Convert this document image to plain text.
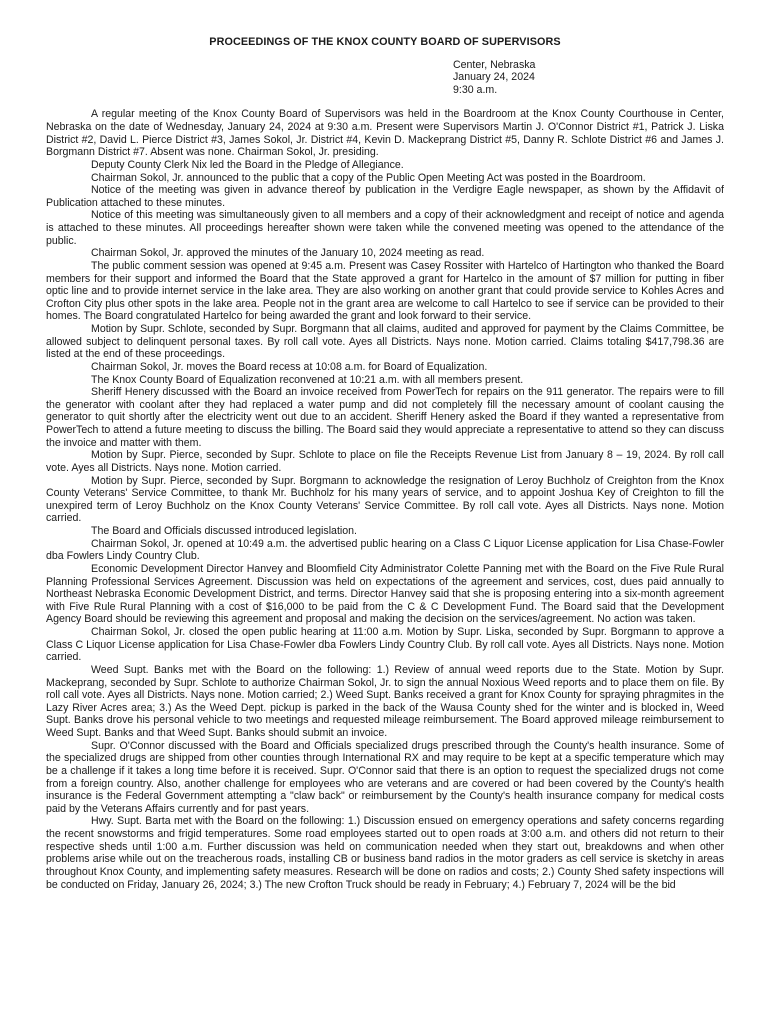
PROCEEDINGS OF THE KNOX COUNTY BOARD OF SUPERVISORS
Center, Nebraska
January 24, 2024
9:30 a.m.

A regular meeting of the Knox County Board of Supervisors was held in the Boardroom at the Knox County Courthouse in Center, Nebraska on the date of Wednesday, January 24, 2024 at 9:30 a.m. Present were Supervisors Martin J. O'Connor District #1, Patrick J. Liska District #2, David L. Pierce District #3, James Sokol, Jr. District #4, Kevin D. Mackeprang District #5, Danny R. Schlote District #6 and James J. Borgmann District #7. Absent was none. Chairman Sokol, Jr. presiding.

Deputy County Clerk Nix led the Board in the Pledge of Allegiance.

Chairman Sokol, Jr. announced to the public that a copy of the Public Open Meeting Act was posted in the Boardroom.

Notice of the meeting was given in advance thereof by publication in the Verdigre Eagle newspaper, as shown by the Affidavit of Publication attached to these minutes.

Notice of this meeting was simultaneously given to all members and a copy of their acknowledgment and receipt of notice and agenda is attached to these minutes. All proceedings hereafter shown were taken while the convened meeting was opened to the attendance of the public.

Chairman Sokol, Jr. approved the minutes of the January 10, 2024 meeting as read.

The public comment session was opened at 9:45 a.m. Present was Casey Rossiter with Hartelco of Hartington who thanked the Board members for their support and informed the Board that the State approved a grant for Hartelco in the amount of $7 million for putting in fiber optic line and to provide internet service in the lake area. They are also working on another grant that could provide service to Kohles Acres and Crofton City plus other spots in the lake area. People not in the grant area are welcome to call Hartelco to see if service can be provided to their homes. The Board congratulated Hartelco for being awarded the grant and look forward to their service.

Motion by Supr. Schlote, seconded by Supr. Borgmann that all claims, audited and approved for payment by the Claims Committee, be allowed subject to delinquent personal taxes. By roll call vote. Ayes all Districts. Nays none. Motion carried. Claims totaling $417,798.36 are listed at the end of these proceedings.

Chairman Sokol, Jr. moves the Board recess at 10:08 a.m. for Board of Equalization.

The Knox County Board of Equalization reconvened at 10:21 a.m. with all members present.

Sheriff Henery discussed with the Board an invoice received from PowerTech for repairs on the 911 generator. The repairs were to fill the generator with coolant after they had replaced a water pump and did not completely fill the necessary amount of coolant causing the generator to quit shortly after the electricity went out due to an accident. Sheriff Henery asked the Board if they wanted a representative from PowerTech to attend a future meeting to discuss the billing. The Board said they would appreciate a representative to attend so they can discuss the invoice and matter with them.

Motion by Supr. Pierce, seconded by Supr. Schlote to place on file the Receipts Revenue List from January 8 – 19, 2024. By roll call vote. Ayes all Districts. Nays none. Motion carried.

Motion by Supr. Pierce, seconded by Supr. Borgmann to acknowledge the resignation of Leroy Buchholz of Creighton from the Knox County Veterans' Service Committee, to thank Mr. Buchholz for his many years of service, and to appoint Joshua Key of Creighton to fill the unexpired term of Leroy Buchholz on the Knox County Veterans' Service Committee. By roll call vote. Ayes all Districts. Nays none. Motion carried.

The Board and Officials discussed introduced legislation.

Chairman Sokol, Jr. opened at 10:49 a.m. the advertised public hearing on a Class C Liquor License application for Lisa Chase-Fowler dba Fowlers Lindy Country Club.

Economic Development Director Hanvey and Bloomfield City Administrator Colette Panning met with the Board on the Five Rule Rural Planning Professional Services Agreement. Discussion was held on expectations of the agreement and services, cost, dues paid annually to Northeast Nebraska Economic Development District, and terms. Director Hanvey said that she is proposing entering into a six-month agreement with Five Rule Rural Planning with a cost of $16,000 to be paid from the C & C Development Fund. The Board said that the Development Agency Board should be reviewing this agreement and proposal and making the decision on the services/agreement. No action was taken.

Chairman Sokol, Jr. closed the open public hearing at 11:00 a.m. Motion by Supr. Liska, seconded by Supr. Borgmann to approve a Class C Liquor License application for Lisa Chase-Fowler dba Fowlers Lindy Country Club. By roll call vote. Ayes all Districts. Nays none. Motion carried.

Weed Supt. Banks met with the Board on the following: 1.) Review of annual weed reports due to the State. Motion by Supr. Mackeprang, seconded by Supr. Schlote to authorize Chairman Sokol, Jr. to sign the annual Noxious Weed reports and to place them on file. By roll call vote. Ayes all Districts. Nays none. Motion carried; 2.) Weed Supt. Banks received a grant for Knox County for spraying phragmites in the Lazy River Acres area; 3.) As the Weed Dept. pickup is parked in the back of the Wausa County shed for the winter and is blocked in, Weed Supt. Banks drove his personal vehicle to two meetings and requested mileage reimbursement. The Board approved mileage reimbursement to Weed Supt. Banks and that Weed Supt. Banks should submit an invoice.

Supr. O'Connor discussed with the Board and Officials specialized drugs prescribed through the County's health insurance. Some of the specialized drugs are shipped from other counties through International RX and may require to be kept at a specific temperature which may be a challenge if it takes a long time before it is received. Supr. O'Connor said that there is an option to request the specialized drugs not come from a foreign country. Also, another challenge for employees who are veterans and are covered or had been covered by the County's health insurance is the Federal Government attempting a "claw back" or reimbursement by the County's health insurance company for medical costs paid by the Veterans Affairs currently and for past years.

Hwy. Supt. Barta met with the Board on the following: 1.) Discussion ensued on emergency operations and safety concerns regarding the recent snowstorms and frigid temperatures. Some road employees started out to open roads at 3:00 a.m. and others did not return to their respective sheds until 1:00 a.m. Further discussion was held on communication needed when they start out, breakdowns and when other problems arise while out on the treacherous roads, installing CB or business band radios in the motor graders as cell service is sketchy in areas throughout Knox County, and implementing safety measures. Research will be done on radios and costs; 2.) County Shed safety inspections will be conducted on Friday, January 26, 2024; 3.) The new Crofton Truck should be ready in February; 4.) February 7, 2024 will be the bid
